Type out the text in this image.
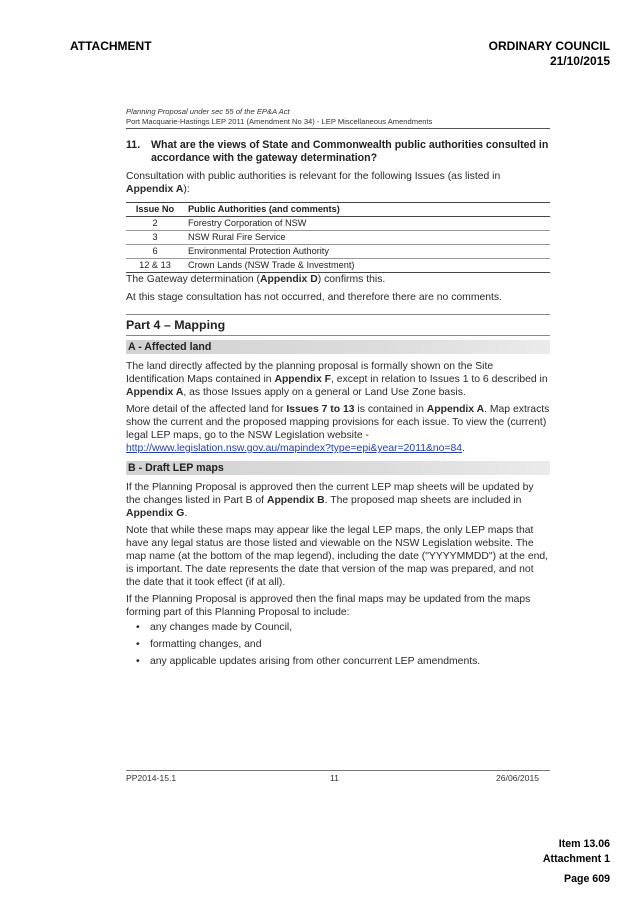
ATTACHMENT	ORDINARY COUNCIL
21/10/2015
Planning Proposal under sec 55 of the EP&A Act
Port Macquarie-Hastings LEP 2011 (Amendment No 34) - LEP Miscellaneous Amendments
11. What are the views of State and Commonwealth public authorities consulted in accordance with the gateway determination?
Consultation with public authorities is relevant for the following Issues (as listed in Appendix A):
Issue No	Public Authorities (and comments)
2	Forestry Corporation of NSW
3	NSW Rural Fire Service
6	Environmental Protection Authority
12 & 13	Crown Lands (NSW Trade & Investment)
The Gateway determination (Appendix D) confirms this.
At this stage consultation has not occurred, and therefore there are no comments.
Part 4 – Mapping
A - Affected land
The land directly affected by the planning proposal is formally shown on the Site Identification Maps contained in Appendix F, except in relation to Issues 1 to 6 described in Appendix A, as those Issues apply on a general or Land Use Zone basis.
More detail of the affected land for Issues 7 to 13 is contained in Appendix A. Map extracts show the current and the proposed mapping provisions for each issue. To view the (current) legal LEP maps, go to the NSW Legislation website - http://www.legislation.nsw.gov.au/mapindex?type=epi&year=2011&no=84.
B - Draft LEP maps
If the Planning Proposal is approved then the current LEP map sheets will be updated by the changes listed in Part B of Appendix B. The proposed map sheets are included in Appendix G.
Note that while these maps may appear like the legal LEP maps, the only LEP maps that have any legal status are those listed and viewable on the NSW Legislation website. The map name (at the bottom of the map legend), including the date ("YYYYMMDD") at the end, is important. The date represents the date that version of the map was prepared, and not the date that it took effect (if at all).
If the Planning Proposal is approved then the final maps may be updated from the maps forming part of this Planning Proposal to include:
• any changes made by Council,
• formatting changes, and
• any applicable updates arising from other concurrent LEP amendments.
PP2014-15.1	11	26/06/2015
Item 13.06
Attachment 1
Page 609
